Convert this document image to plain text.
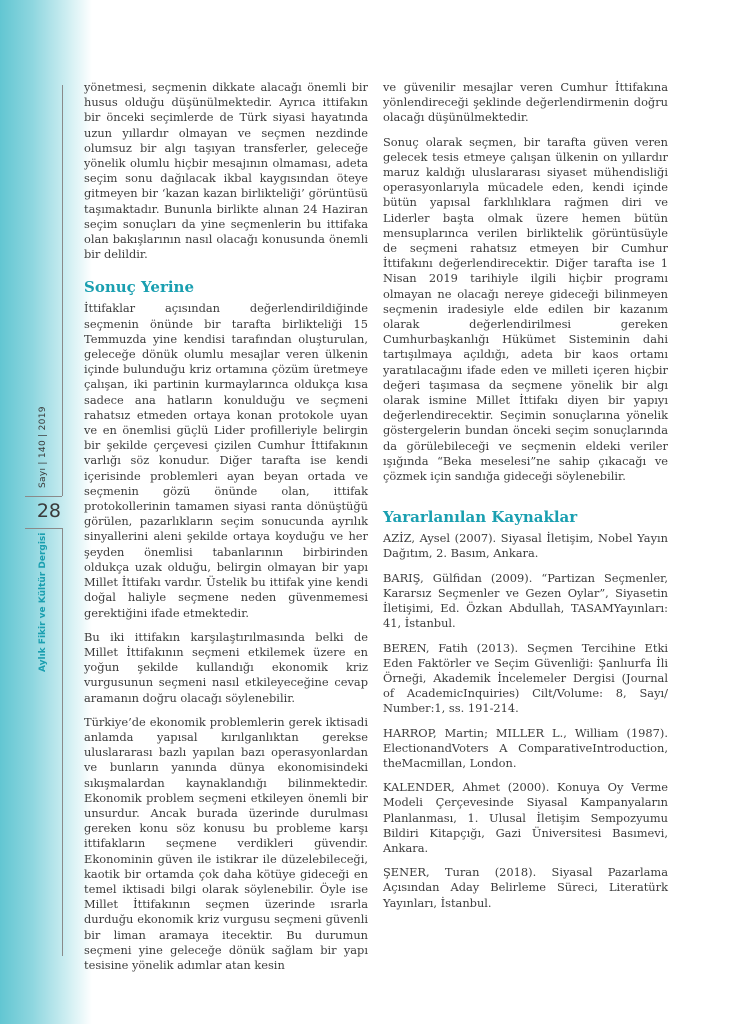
Sayı | 140 | 2019
28
Aylık Fikir ve Kültür Dergisi

yönetmesi, seçmenin dikkate alacağı önemli bir husus olduğu düşünülmektedir. Ayrıca ittifakın bir önceki seçimlerde de Türk siyasi hayatında uzun yıllardır olmayan ve seçmen nezdinde olumsuz bir algı taşıyan transferler, geleceğe yönelik olumlu hiçbir mesajının olmaması, adeta seçim sonu dağılacak ikbal kaygısından öteye gitmeyen bir ‘kazan kazan birlikteliği’ görüntüsü taşımaktadır. Bununla birlikte alınan 24 Haziran seçim sonuçları da yine seçmenlerin bu ittifaka olan bakışlarının nasıl olacağı konusunda önemli bir delildir.

Sonuç Yerine

İttifaklar açısından değerlendirildiğinde seçmenin önünde bir tarafta birlikteliği 15 Temmuzda yine kendisi tarafından oluşturulan, geleceğe dönük olumlu mesajlar veren ülkenin içinde bulunduğu kriz ortamına çözüm üretmeye çalışan, iki partinin kurmaylarınca oldukça kısa sadece ana hatların konulduğu ve seçmeni rahatsız etmeden ortaya konan protokole uyan ve en önemlisi güçlü Lider profilleriyle belirgin bir şekilde çerçevesi çizilen Cumhur İttifakının varlığı söz konudur. Diğer tarafta ise kendi içerisinde problemleri ayan beyan ortada ve seçmenin gözü önünde olan, ittifak protokollerinin tamamen siyasi ranta dönüştüğü görülen, pazarlıkların seçim sonucunda ayrılık sinyallerini aleni şekilde ortaya koyduğu ve her şeyden önemlisi tabanlarının birbirinden oldukça uzak olduğu, belirgin olmayan bir yapı Millet İttifakı vardır. Üstelik bu ittifak yine kendi doğal haliyle seçmene neden güvenmemesi gerektiğini ifade etmektedir.

Bu iki ittifakın karşılaştırılmasında belki de Millet İttifakının seçmeni etkilemek üzere en yoğun şekilde kullandığı ekonomik kriz vurgusunun seçmeni nasıl etkileyeceğine cevap aramanın doğru olacağı söylenebilir.

Türkiye’de ekonomik problemlerin gerek iktisadi anlamda yapısal kırılganlıktan gerekse uluslararası bazlı yapılan bazı operasyonlardan ve bunların yanında dünya ekonomisindeki sıkışmalardan kaynaklandığı bilinmektedir. Ekonomik problem seçmeni etkileyen önemli bir unsurdur. Ancak burada üzerinde durulması gereken konu söz konusu bu probleme karşı ittifakların seçmene verdikleri güvendir. Ekonominin güven ile istikrar ile düzelebileceği, kaotik bir ortamda çok daha kötüye gideceği en temel iktisadi bilgi olarak söylenebilir. Öyle ise Millet İttifakının seçmen üzerinde ısrarla durduğu ekonomik kriz vurgusu seçmeni güvenli bir liman aramaya itecektir. Bu durumun seçmeni yine geleceğe dönük sağlam bir yapı tesisine yönelik adımlar atan kesin

ve güvenilir mesajlar veren Cumhur İttifakına yönlendireceği şeklinde değerlendirmenin doğru olacağı düşünülmektedir.

Sonuç olarak seçmen, bir tarafta güven veren gelecek tesis etmeye çalışan ülkenin on yıllardır maruz kaldığı uluslararası siyaset mühendisliği operasyonlarıyla mücadele eden, kendi içinde bütün yapısal farklılıklara rağmen diri ve Liderler başta olmak üzere hemen bütün mensuplarınca verilen birliktelik görüntüsüyle de seçmeni rahatsız etmeyen bir Cumhur İttifakını değerlendirecektir. Diğer tarafta ise 1 Nisan 2019 tarihiyle ilgili hiçbir programı olmayan ne olacağı nereye gideceği bilinmeyen seçmenin iradesiyle elde edilen bir kazanım olarak değerlendirilmesi gereken Cumhurbaşkanlığı Hükümet Sisteminin dahi tartışılmaya açıldığı, adeta bir kaos ortamı yaratılacağını ifade eden ve milleti içeren hiçbir değeri taşımasa da seçmene yönelik bir algı olarak ismine Millet İttifakı diyen bir yapıyı değerlendirecektir. Seçimin sonuçlarına yönelik göstergelerin bundan önceki seçim sonuçlarında da görülebileceği ve seçmenin eldeki veriler ışığında “Beka meselesi”ne sahip çıkacağı ve çözmek için sandığa gideceği söylenebilir.

Yararlanılan Kaynaklar

AZİZ, Aysel (2007). Siyasal İletişim, Nobel Yayın Dağıtım, 2. Basım, Ankara.

BARIŞ, Gülfidan (2009). “Partizan Seçmenler, Kararsız Seçmenler ve Gezen Oylar”, Siyasetin İletişimi, Ed. Özkan Abdullah, TASAMYayınları: 41, İstanbul.

BEREN, Fatih (2013). Seçmen Tercihine Etki Eden Faktörler ve Seçim Güvenliği: Şanlıurfa İli Örneği, Akademik İncelemeler Dergisi (Journal of AcademicInquiries) Cilt/Volume: 8, Sayı/ Number:1, ss. 191-214.

HARROP, Martin; MILLER L., William (1987). ElectionandVoters A ComparativeIntroduction, theMacmillan, London.

KALENDER, Ahmet (2000). Konuya Oy Verme Modeli Çerçevesinde Siyasal Kampanyaların Planlanması, 1. Ulusal İletişim Sempozyumu Bildiri Kitapçığı, Gazi Üniversitesi Basımevi, Ankara.

ŞENER, Turan (2018). Siyasal Pazarlama Açısından Aday Belirleme Süreci, Literatürk Yayınları, İstanbul.
